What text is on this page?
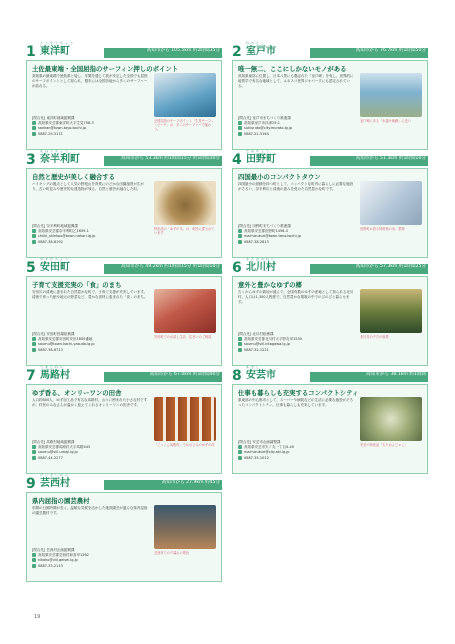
1
とうようちょう
東洋町	高知市から 105.5km 約2時間35分
土佐最東端・全国屈指のサーフィン押しのポイント
高知県の最東端で徳島県と接し、年間を通じて波が安定した全国でも屈指のサーフポイントとして知られ、週末には全国各地から多くのサーファーが訪れる。
全国屈指のサーフポイント「生見サーフィンビーチ」は、多くのサーファーで賑わう。
[問合先] 東洋町地域振興課
高知県安芸郡東洋町大字生見758-3
sankan@town.toyo.kochi.jp
0887-29-3111
2
むろとし
室戸市	高知市から 76.7km 約1時間50分
唯一無二、ここにしかないモノがある
高知県東部に位置し、日本八景にも選ばれた「室戸岬」を有し、世界的に地質学で有名な地域として、ユネスコ世界ジオパークにも認定されている。
室戸岬にある「水掛け地蔵」に近い
[問合先] 室戸市まちづくり推進課
高知県室戸市浮津25-1
sukiuruto@city.muroto.lg.jp
0887-22-5164
3
なはりちょう
奈半利町	高知市から 53.3km 約1時間15分 約1時間30分
自然と歴史が美しく融合する
ハイキングの拠点として人気の野根山を背景にのどかな田園風景が広がり、古い町並みや歴史的な建造物が残る、自然と歴史が融合した町。
特産品の「ゆずの木」は、町民に愛されています
[問合先] 奈半利町地域振興課
高知県安芸郡奈半利町乙1659-1
chiiki_shinkou@town.nahari.lg.jp
0887-38-8192
4
たのちょう
田野町	高知市から 51.3km 約1時間10分
四国最小のコンパクトタウン
四国最小の面積を持つ町として、コンパクトな町内に暮らしに必要な施設がそろい、奈半利川と清流の恵みを受けた自然豊かな町です。
田野町が誇る特産物の米、果物
[問合先] 田野町まちづくり推進課
高知県安芸郡田野町1456-4
machizukuri@town.tano.kochi.jp
0887-38-2813
5
やすだちょう
安田町	高知市から 49.2km 約1時間15分 約1時間10分
子育て支援充実の「食」のまち
安田川の清流に恵まれた自然豊かな町で、子育て支援が充実しています。清流で育った鮎や地元の野菜など、豊かな食材に恵まれた「食」のまち。
安田町でのお試し生活、住まいのご相談
[問合先] 安田町役場総務課
高知県安芸郡安田町安田1850番地
soumu@town.kochi-yasuda.lg.jp
0887-38-6713
6
きたがわむら
北川村	高知市から 57.3km 約1時間25分
意外と豊かなゆずの郷
古くからゆずの栽培が盛んで、全国有数のゆずの産地として知られる北川村。人口は1,300人程度で、自然豊かな環境の中でのびのびと暮らせます。
北川村の夕方の風景
[問合先] 北川村総務課
高知県安芸郡北川村大字野友甲1530
soumu@vill.kitagawa.lg.jp
0887-32-1221
7
うまじむら
馬路村	高知市から 67.0km 約1時間40分
ゆず香る、オンリーワンの田舎
人口約800人、ゆず加工品で有名な馬路村。山々に囲まれた小さな村ですが、村民のみなさんが温かく迎えてくれるオンリーワンの田舎です。
「ごっくん馬路村」でおなじみのゆずの村
[問合先] 馬路村地域振興課
高知県安芸郡馬路村大字馬路443
soumu@vill.umaji.lg.jp
0887-44-2277
8
あきし
安芸市	高知市から 38.1km 約1時間
仕事も暮らしも充実するコンパクトシティ
県東部の中心都市として、スーパーや病院などの生活に必要な施設がそろったコンパクトシティ。仕事も暮らしも充実しています。
安芸の特産品「ちりめんじゃこ」
[問合先] 安芸市企画調整課
高知県安芸市矢ノ丸一丁目4-40
machizukuri@city.aki.lg.jp
0887-35-1012
9
げいせいむら
芸西村	高知市から 27.9km 約45分
県内屈指の園芸農村
年間の日照時間が長く、温暖な気候を活かした施設園芸が盛んな県内屈指の園芸農村です。
芸西村での夕暮れの景色
[問合先] 芸西村企画振興課
高知県安芸郡芸西村和食甲1262
kikaku@vill.geisei.lg.jp
0887-33-2113
19
